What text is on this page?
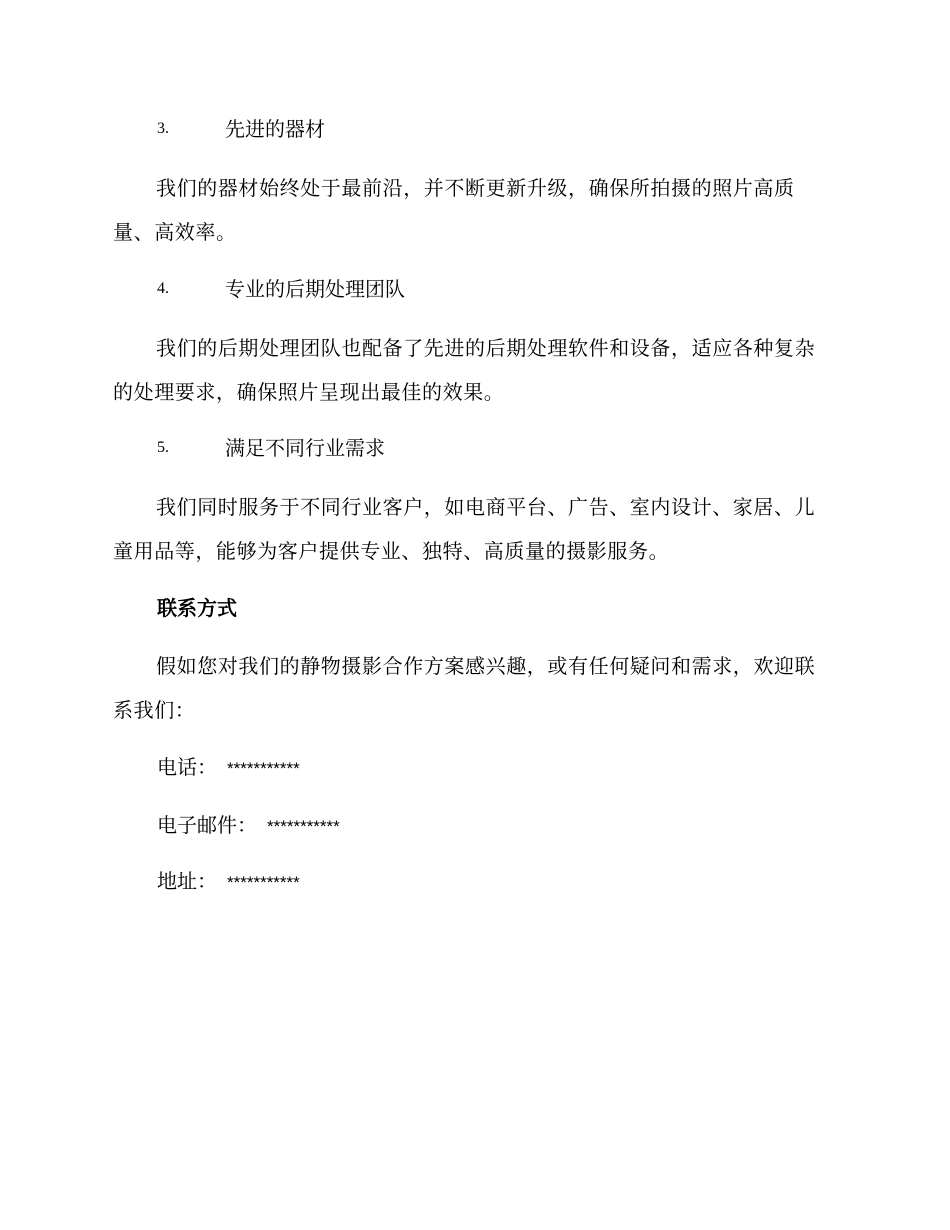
3.	先进的器材

我们的器材始终处于最前沿，并不断更新升级，确保所拍摄的照片高质量、高效率。

4.	专业的后期处理团队

我们的后期处理团队也配备了先进的后期处理软件和设备，适应各种复杂的处理要求，确保照片呈现出最佳的效果。

5.	满足不同行业需求

我们同时服务于不同行业客户，如电商平台、广告、室内设计、家居、儿童用品等，能够为客户提供专业、独特、高质量的摄影服务。

联系方式

假如您对我们的静物摄影合作方案感兴趣，或有任何疑问和需求，欢迎联系我们：

电话： ***********
电子邮件： ***********
地址： ***********
